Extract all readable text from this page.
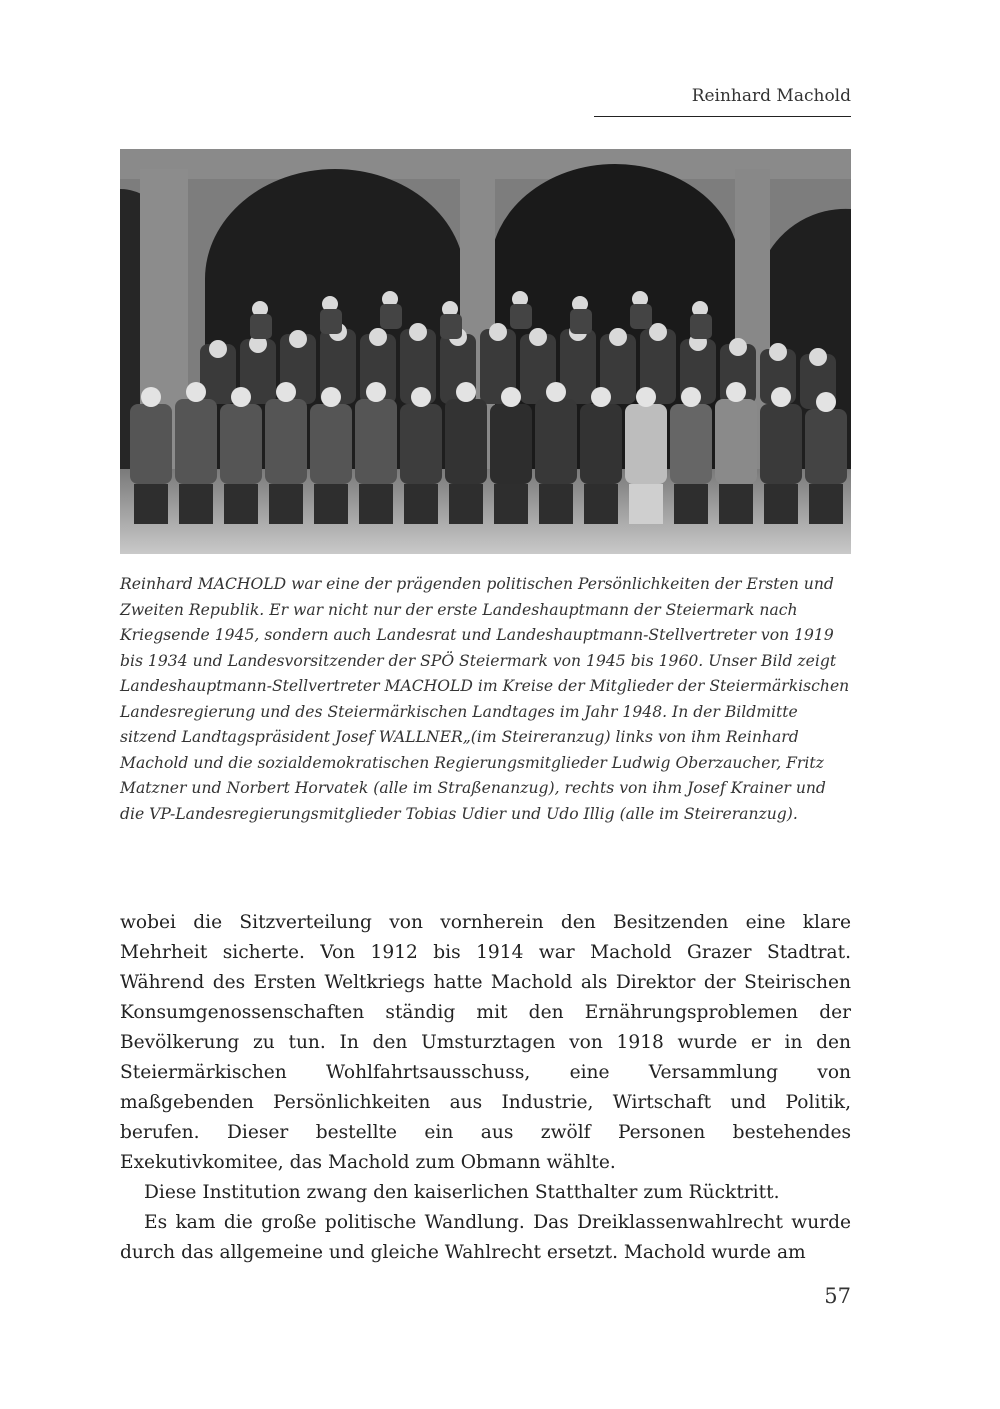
Reinhard Machold

Reinhard MACHOLD war eine der prägenden politischen Persönlichkeiten der Ersten und Zweiten Republik. Er war nicht nur der erste Landeshauptmann der Steiermark nach Kriegsende 1945, sondern auch Landesrat und Landeshauptmann-Stellvertreter von 1919 bis 1934 und Landesvorsitzender der SPÖ Steiermark von 1945 bis 1960. Unser Bild zeigt Landeshauptmann-Stellvertreter MACHOLD im Kreise der Mitglieder der Steiermärkischen Landesregierung und des Steiermärkischen Landtages im Jahr 1948. In der Bildmitte sitzend Landtagspräsident Josef WALLNER„(im Steireranzug) links von ihm Reinhard Machold und die sozialdemokratischen Regierungsmitglieder Ludwig Oberzaucher, Fritz Matzner und Norbert Horvatek (alle im Straßenanzug), rechts von ihm Josef Krainer und die VP-Landesregierungsmitglieder Tobias Udier und Udo Illig (alle im Steireranzug).

wobei die Sitzverteilung von vornherein den Besitzenden eine klare Mehrheit sicherte. Von 1912 bis 1914 war Machold Grazer Stadtrat. Während des Ersten Weltkriegs hatte Machold als Direktor der Steirischen Konsumgenossenschaften ständig mit den Ernährungsproblemen der Bevölkerung zu tun. In den Umsturztagen von 1918 wurde er in den Steiermärkischen Wohlfahrtsausschuss, eine Versammlung von maßgebenden Persönlichkeiten aus Industrie, Wirtschaft und Politik, berufen. Dieser bestellte ein aus zwölf Personen bestehendes Exekutivkomitee, das Machold zum Obmann wählte.

Diese Institution zwang den kaiserlichen Statthalter zum Rücktritt.

Es kam die große politische Wandlung. Das Dreiklassenwahlrecht wurde durch das allgemeine und gleiche Wahlrecht ersetzt. Machold wurde am

57
